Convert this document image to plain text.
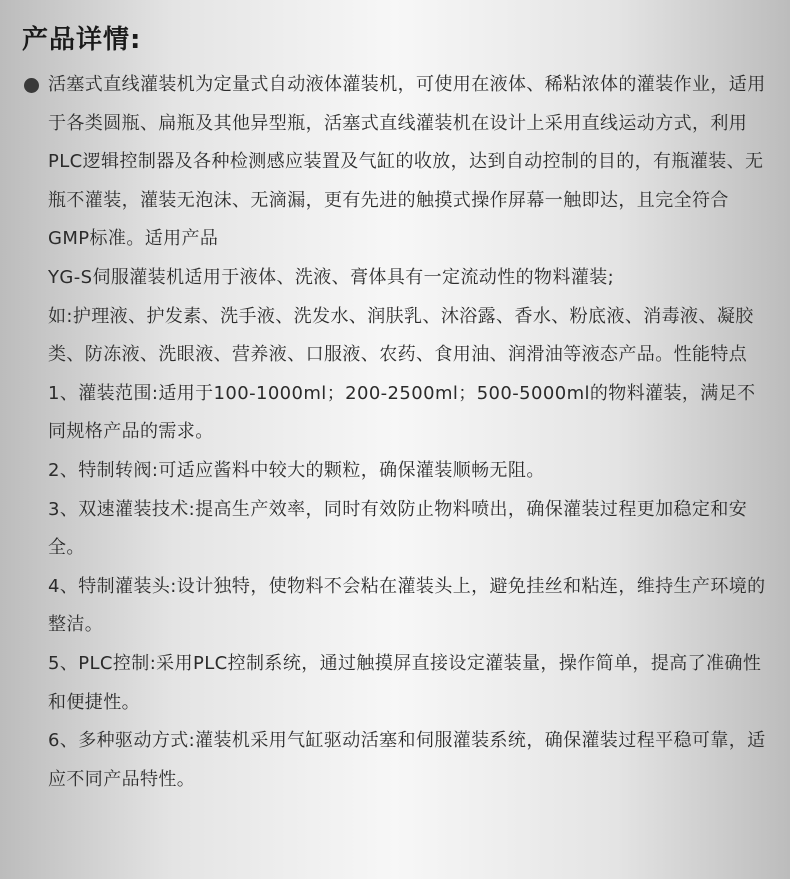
产品详情:

活塞式直线灌装机为定量式自动液体灌装机，可使用在液体、稀粘浓体的灌装作业，适用于各类圆瓶、扁瓶及其他异型瓶，活塞式直线灌装机在设计上采用直线运动方式，利用PLC逻辑控制器及各种检测感应装置及气缸的收放，达到自动控制的目的，有瓶灌装、无瓶不灌装，灌装无泡沫、无滴漏，更有先进的触摸式操作屏幕一触即达，且完全符合GMP标准。适用产品

YG-S伺服灌装机适用于液体、洗液、膏体具有一定流动性的物料灌装;

如:护理液、护发素、洗手液、洗发水、润肤乳、沐浴露、香水、粉底液、消毒液、凝胶类、防冻液、洗眼液、营养液、口服液、农药、食用油、润滑油等液态产品。性能特点

1、灌装范围:适用于100-1000ml；200-2500ml；500-5000ml的物料灌装，满足不同规格产品的需求。

2、特制转阀:可适应酱料中较大的颗粒，确保灌装顺畅无阻。

3、双速灌装技术:提高生产效率，同时有效防止物料喷出，确保灌装过程更加稳定和安全。

4、特制灌装头:设计独特，使物料不会粘在灌装头上，避免挂丝和粘连，维持生产环境的整洁。

5、PLC控制:采用PLC控制系统，通过触摸屏直接设定灌装量，操作简单，提高了准确性和便捷性。

6、多种驱动方式:灌装机采用气缸驱动活塞和伺服灌装系统，确保灌装过程平稳可靠，适应不同产品特性。
